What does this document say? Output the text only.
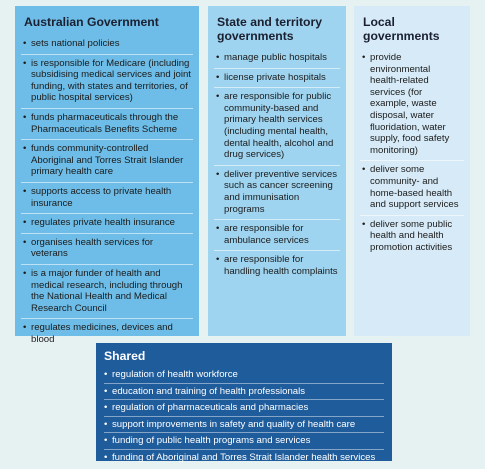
Australian Government
• sets national policies
• is responsible for Medicare (including subsidising medical services and joint funding, with states and territories, of public hospital services)
• funds pharmaceuticals through the Pharmaceuticals Benefits Scheme
• funds community-controlled Aboriginal and Torres Strait Islander primary health care
• supports access to private health insurance
• regulates private health insurance
• organises health services for veterans
• is a major funder of health and medical research, including through the National Health and Medical Research Council
• regulates medicines, devices and blood
State and territory governments
• manage public hospitals
• license private hospitals
• are responsible for public community-based and primary health services (including mental health, dental health, alcohol and drug services)
• deliver preventive services such as cancer screening and immunisation programs
• are responsible for ambulance services
• are responsible for handling health complaints
Local governments
• provide environmental health-related services (for example, waste disposal, water fluoridation, water supply, food safety monitoring)
• deliver some community- and home-based health and support services
• deliver some public health and health promotion activities
Shared
• regulation of health workforce
• education and training of health professionals
• regulation of pharmaceuticals and pharmacies
• support improvements in safety and quality of health care
• funding of public health programs and services
• funding of Aboriginal and Torres Strait Islander health services
